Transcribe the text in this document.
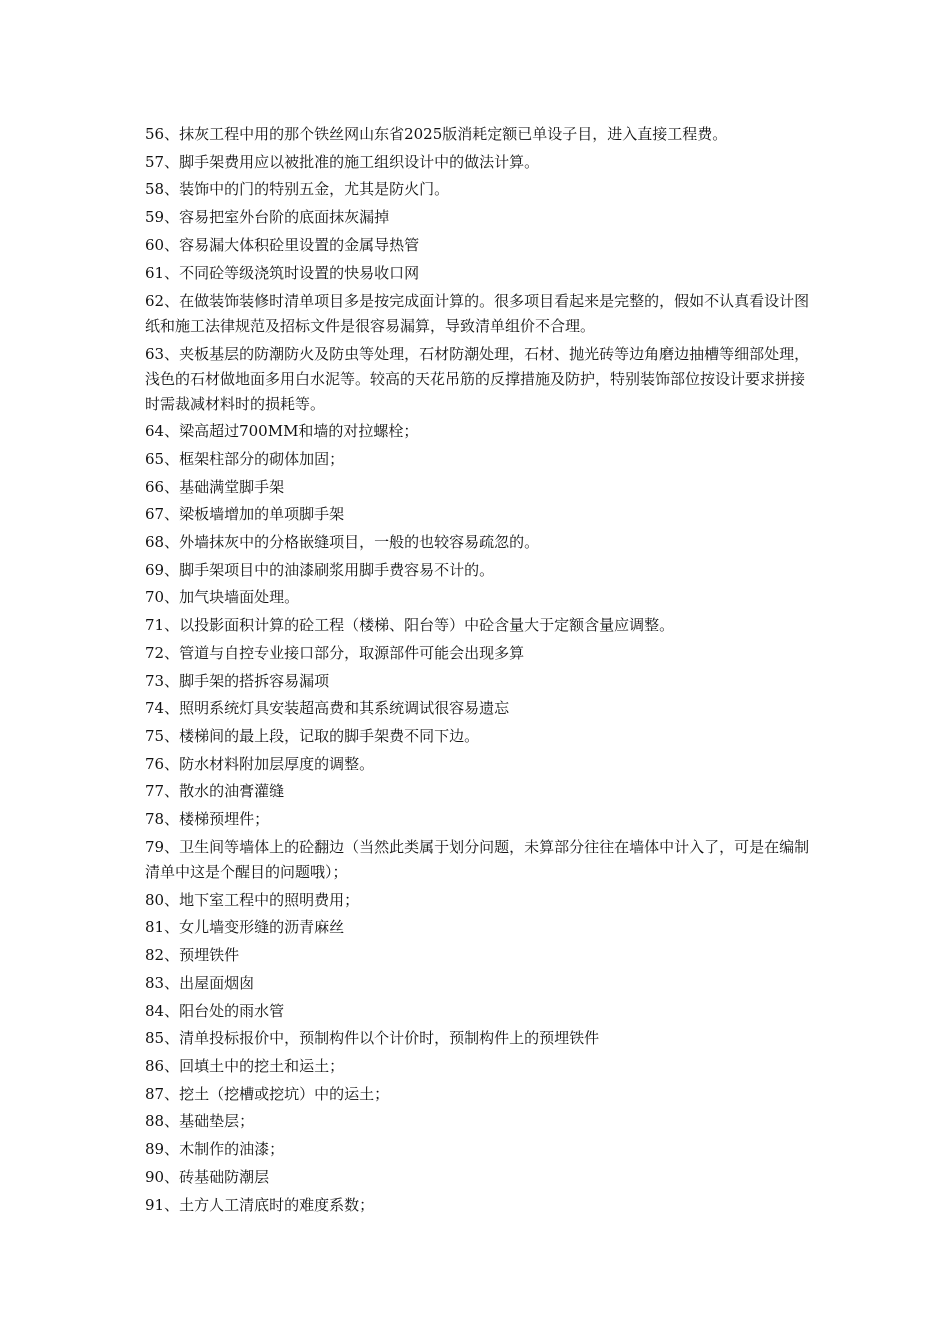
56、抹灰工程中用的那个铁丝网山东省2025版消耗定额已单设子目，进入直接工程费。

57、脚手架费用应以被批准的施工组织设计中的做法计算。

58、装饰中的门的特别五金，尤其是防火门。

59、容易把室外台阶的底面抹灰漏掉

60、容易漏大体积砼里设置的金属导热管

61、不同砼等级浇筑时设置的快易收口网

62、在做装饰装修时清单项目多是按完成面计算的。很多项目看起来是完整的，假如不认真看设计图纸和施工法律规范及招标文件是很容易漏算，导致清单组价不合理。

63、夹板基层的防潮防火及防虫等处理，石材防潮处理，石材、抛光砖等边角磨边抽槽等细部处理，浅色的石材做地面多用白水泥等。较高的天花吊筋的反撑措施及防护，特别装饰部位按设计要求拼接时需裁减材料时的损耗等。

64、梁高超过700MM和墙的对拉螺栓；

65、框架柱部分的砌体加固；

66、基础满堂脚手架

67、梁板墙增加的单项脚手架

68、外墙抹灰中的分格嵌缝项目，一般的也较容易疏忽的。

69、脚手架项目中的油漆刷浆用脚手费容易不计的。

70、加气块墙面处理。

71、以投影面积计算的砼工程（楼梯、阳台等）中砼含量大于定额含量应调整。

72、管道与自控专业接口部分，取源部件可能会出现多算

73、脚手架的搭拆容易漏项

74、照明系统灯具安装超高费和其系统调试很容易遗忘

75、楼梯间的最上段，记取的脚手架费不同下边。

76、防水材料附加层厚度的调整。

77、散水的油膏灌缝

78、楼梯预埋件；

79、卫生间等墙体上的砼翻边（当然此类属于划分问题，未算部分往往在墙体中计入了，可是在编制清单中这是个醒目的问题哦）；

80、地下室工程中的照明费用；

81、女儿墙变形缝的沥青麻丝

82、预埋铁件

83、出屋面烟囱

84、阳台处的雨水管

85、清单投标报价中，预制构件以个计价时，预制构件上的预埋铁件

86、回填土中的挖土和运土；

87、挖土（挖槽或挖坑）中的运土；

88、基础垫层；

89、木制作的油漆；

90、砖基础防潮层

91、土方人工清底时的难度系数；
